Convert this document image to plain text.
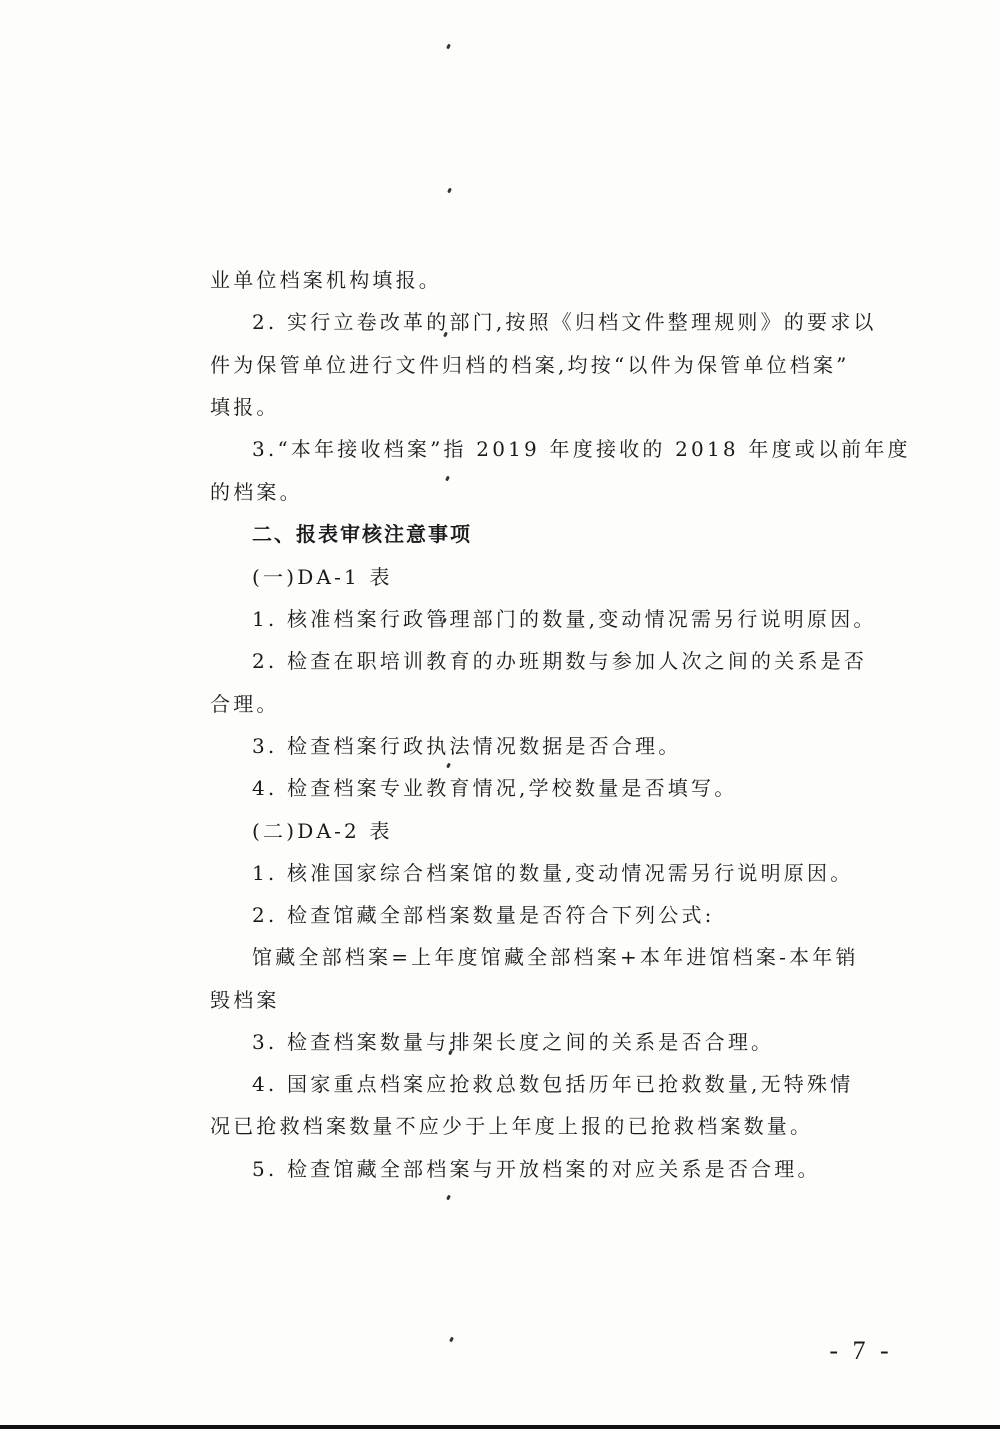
业单位档案机构填报。
2. 实行立卷改革的部门,按照《归档文件整理规则》的要求以
件为保管单位进行文件归档的档案,均按“以件为保管单位档案”
填报。
3.“本年接收档案”指 2019 年度接收的 2018 年度或以前年度
的档案。
二、报表审核注意事项
(一)DA-1 表
1. 核准档案行政管理部门的数量,变动情况需另行说明原因。
2. 检查在职培训教育的办班期数与参加人次之间的关系是否
合理。
3. 检查档案行政执法情况数据是否合理。
4. 检查档案专业教育情况,学校数量是否填写。
(二)DA-2 表
1. 核准国家综合档案馆的数量,变动情况需另行说明原因。
2. 检查馆藏全部档案数量是否符合下列公式:
馆藏全部档案=上年度馆藏全部档案+本年进馆档案-本年销
毁档案
3. 检查档案数量与排架长度之间的关系是否合理。
4. 国家重点档案应抢救总数包括历年已抢救数量,无特殊情
况已抢救档案数量不应少于上年度上报的已抢救档案数量。
5. 检查馆藏全部档案与开放档案的对应关系是否合理。
- 7 -
